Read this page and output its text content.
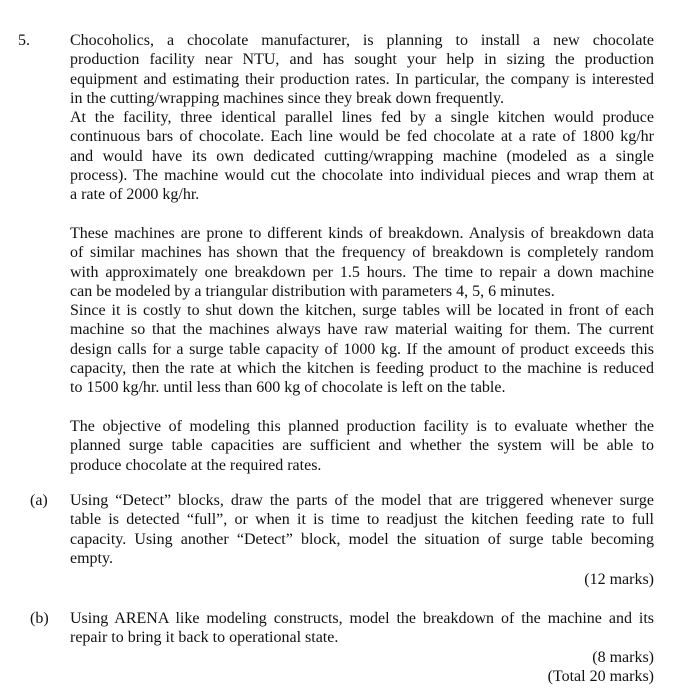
5.	Chocoholics, a chocolate manufacturer, is planning to install a new chocolate
production facility near NTU, and has sought your help in sizing the production
equipment and estimating their production rates. In particular, the company is interested
in the cutting/wrapping machines since they break down frequently.
At the facility, three identical parallel lines fed by a single kitchen would produce
continuous bars of chocolate. Each line would be fed chocolate at a rate of 1800 kg/hr
and would have its own dedicated cutting/wrapping machine (modeled as a single
process). The machine would cut the chocolate into individual pieces and wrap them at
a rate of 2000 kg/hr.
These machines are prone to different kinds of breakdown. Analysis of breakdown data
of similar machines has shown that the frequency of breakdown is completely random
with approximately one breakdown per 1.5 hours. The time to repair a down machine
can be modeled by a triangular distribution with parameters 4, 5, 6 minutes.
Since it is costly to shut down the kitchen, surge tables will be located in front of each
machine so that the machines always have raw material waiting for them. The current
design calls for a surge table capacity of 1000 kg. If the amount of product exceeds this
capacity, then the rate at which the kitchen is feeding product to the machine is reduced
to 1500 kg/hr. until less than 600 kg of chocolate is left on the table.
The objective of modeling this planned production facility is to evaluate whether the
planned surge table capacities are sufficient and whether the system will be able to
produce chocolate at the required rates.
(a) Using “Detect” blocks, draw the parts of the model that are triggered whenever surge
table is detected “full”, or when it is time to readjust the kitchen feeding rate to full
capacity. Using another “Detect” block, model the situation of surge table becoming
empty.
(12 marks)
(b) Using ARENA like modeling constructs, model the breakdown of the machine and its
repair to bring it back to operational state.
(8 marks)
(Total 20 marks)
